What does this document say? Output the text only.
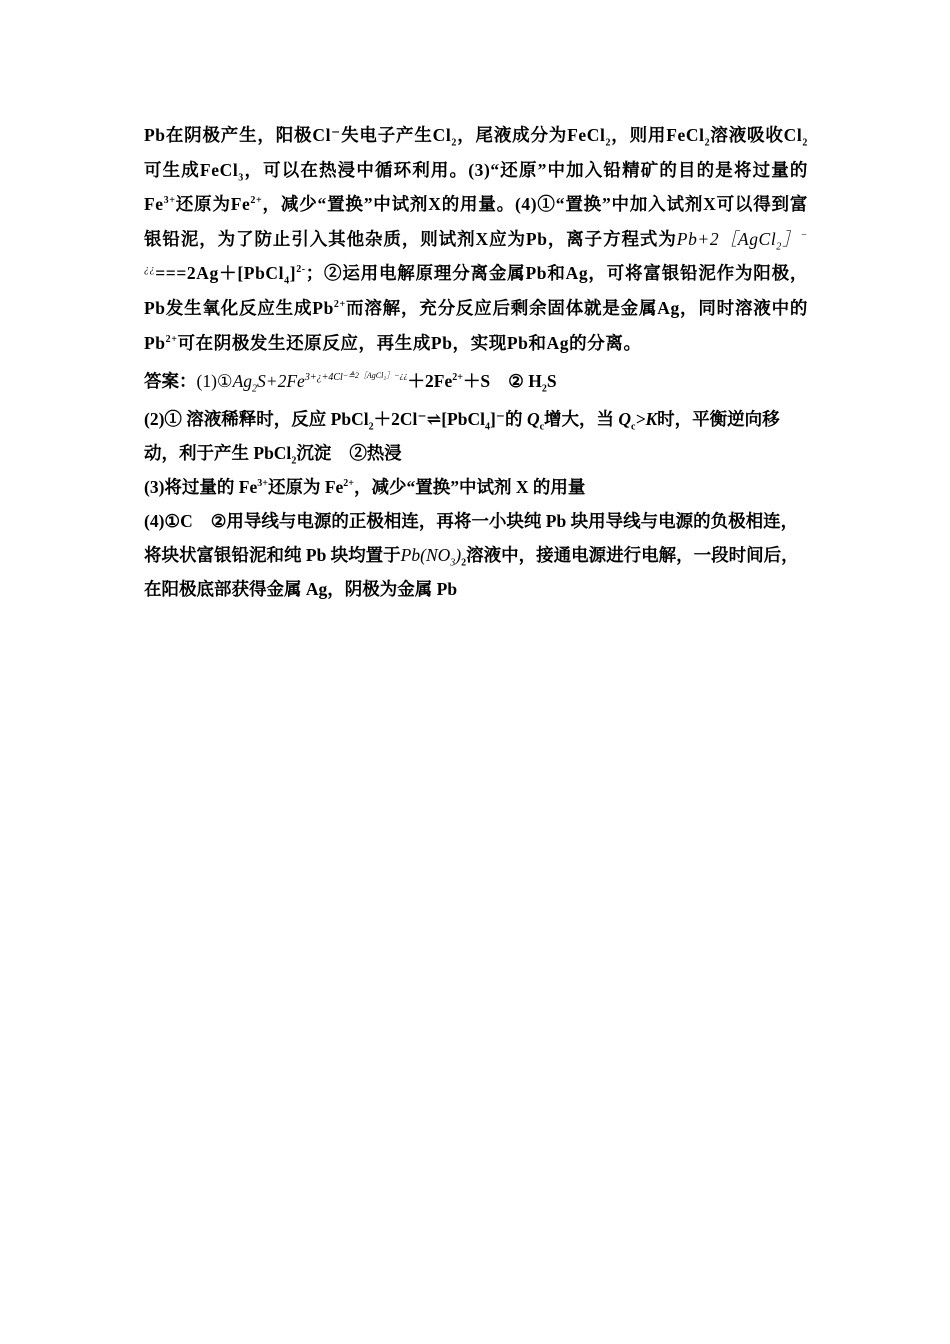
Pb在阴极产生，阳极Cl⁻失电子产生$Cl_2$，尾液成分为FeCl$_2$，则用FeCl$_2$溶液吸收$Cl_2$可生成FeCl$_3$，可以在热浸中循环利用。(3)“还原”中加入铅精矿的目的是将过量的$Fe^{3+}$还原为$Fe^{2+}$，减少“置换”中试剂X的用量。(4)①“置换”中加入试剂X可以得到富银铅泥，为了防止引入其他杂质，则试剂X应为Pb，离子方程式为Pb+2［AgCl$_2$］−¿¿===2Ag＋[PbCl$_4$]$^{2-}$；②运用电解原理分离金属Pb和Ag，可将富银铅泥作为阳极，Pb发生氧化反应生成$Pb^{2+}$而溶解，充分反应后剩余固体就是金属Ag，同时溶液中的$Pb^{2+}$可在阴极发生还原反应，再生成Pb，实现Pb和Ag的分离。
答案：$(1)①Ag_2S+2Fe^{3+¿+4Cl-≜2[AgCl_2]-¿¿}+2Fe^{2+}+S$ ② $H_2S$
(2)① 溶液稀释时，反应 PbCl$_2$＋2Cl⁻⇌[PbCl$_4$]⁻的 $Q_c$增大，当 $Q_c>K$时，平衡逆向移动，利于产生 PbCl$_2$沉淀 ②热浸
(3)将过量的 $Fe^{3+}$还原为 $Fe^{2+}$，减少“置换”中试剂 X 的用量
(4)①C ②用导线与电源的正极相连，再将一小块纯 Pb 块用导线与电源的负极相连，将块状富银铅泥和纯 Pb 块均置于$Pb(NO_3)_2$溶液中，接通电源进行电解，一段时间后，在阳极底部获得金属 Ag，阴极为金属 Pb
